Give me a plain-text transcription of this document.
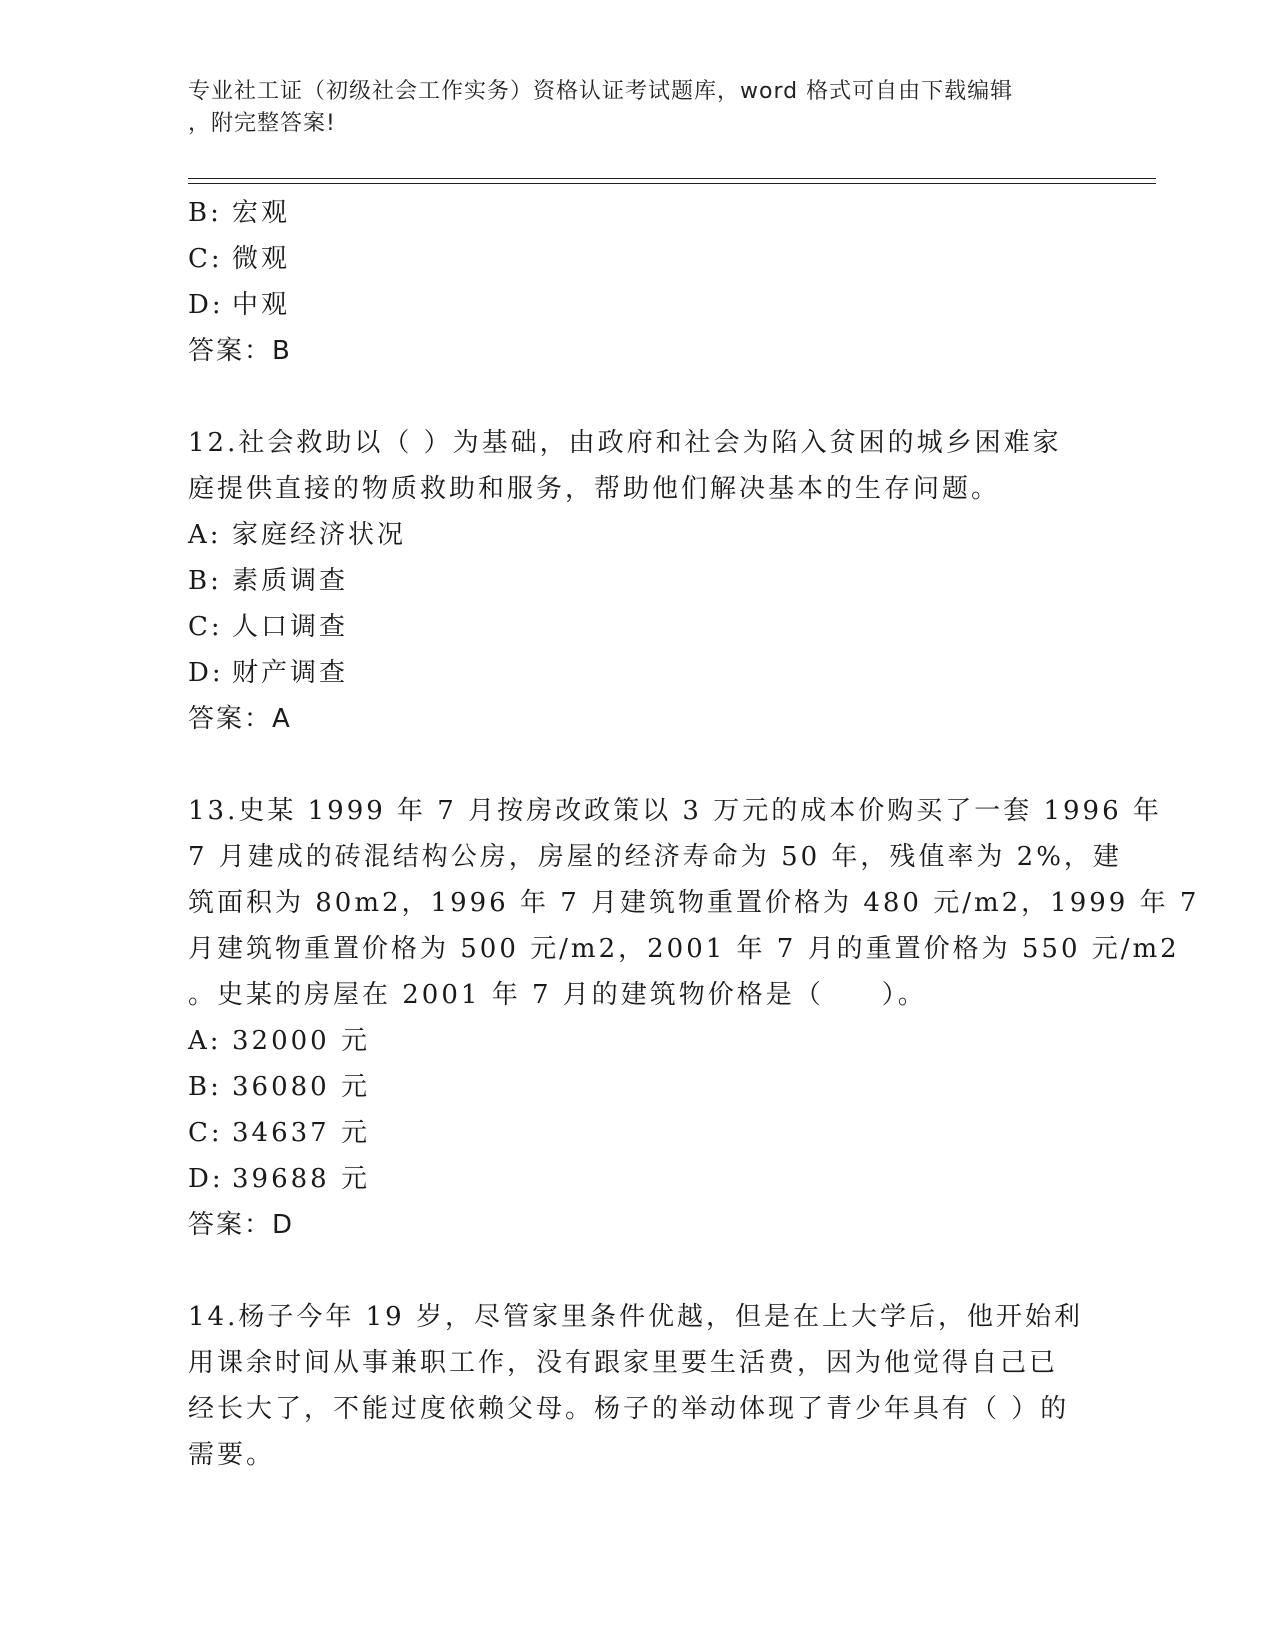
专业社工证（初级社会工作实务）资格认证考试题库，word 格式可自由下载编辑
，附完整答案!
B: 宏观
C: 微观
D: 中观
答案：B
12.社会救助以（ ）为基础，由政府和社会为陷入贫困的城乡困难家
庭提供直接的物质救助和服务，帮助他们解决基本的生存问题。
A: 家庭经济状况
B: 素质调查
C: 人口调查
D: 财产调查
答案：A
13.史某 1999 年 7 月按房改政策以 3 万元的成本价购买了一套 1996 年
7 月建成的砖混结构公房，房屋的经济寿命为 50 年，残值率为 2%，建
筑面积为 80m2，1996 年 7 月建筑物重置价格为 480 元/m2，1999 年 7
月建筑物重置价格为 500 元/m2，2001 年 7 月的重置价格为 550 元/m2
。史某的房屋在 2001 年 7 月的建筑物价格是（　　）。
A: 32000 元
B: 36080 元
C: 34637 元
D: 39688 元
答案：D
14.杨子今年 19 岁，尽管家里条件优越，但是在上大学后，他开始利
用课余时间从事兼职工作，没有跟家里要生活费，因为他觉得自己已
经长大了，不能过度依赖父母。杨子的举动体现了青少年具有（ ）的
需要。
